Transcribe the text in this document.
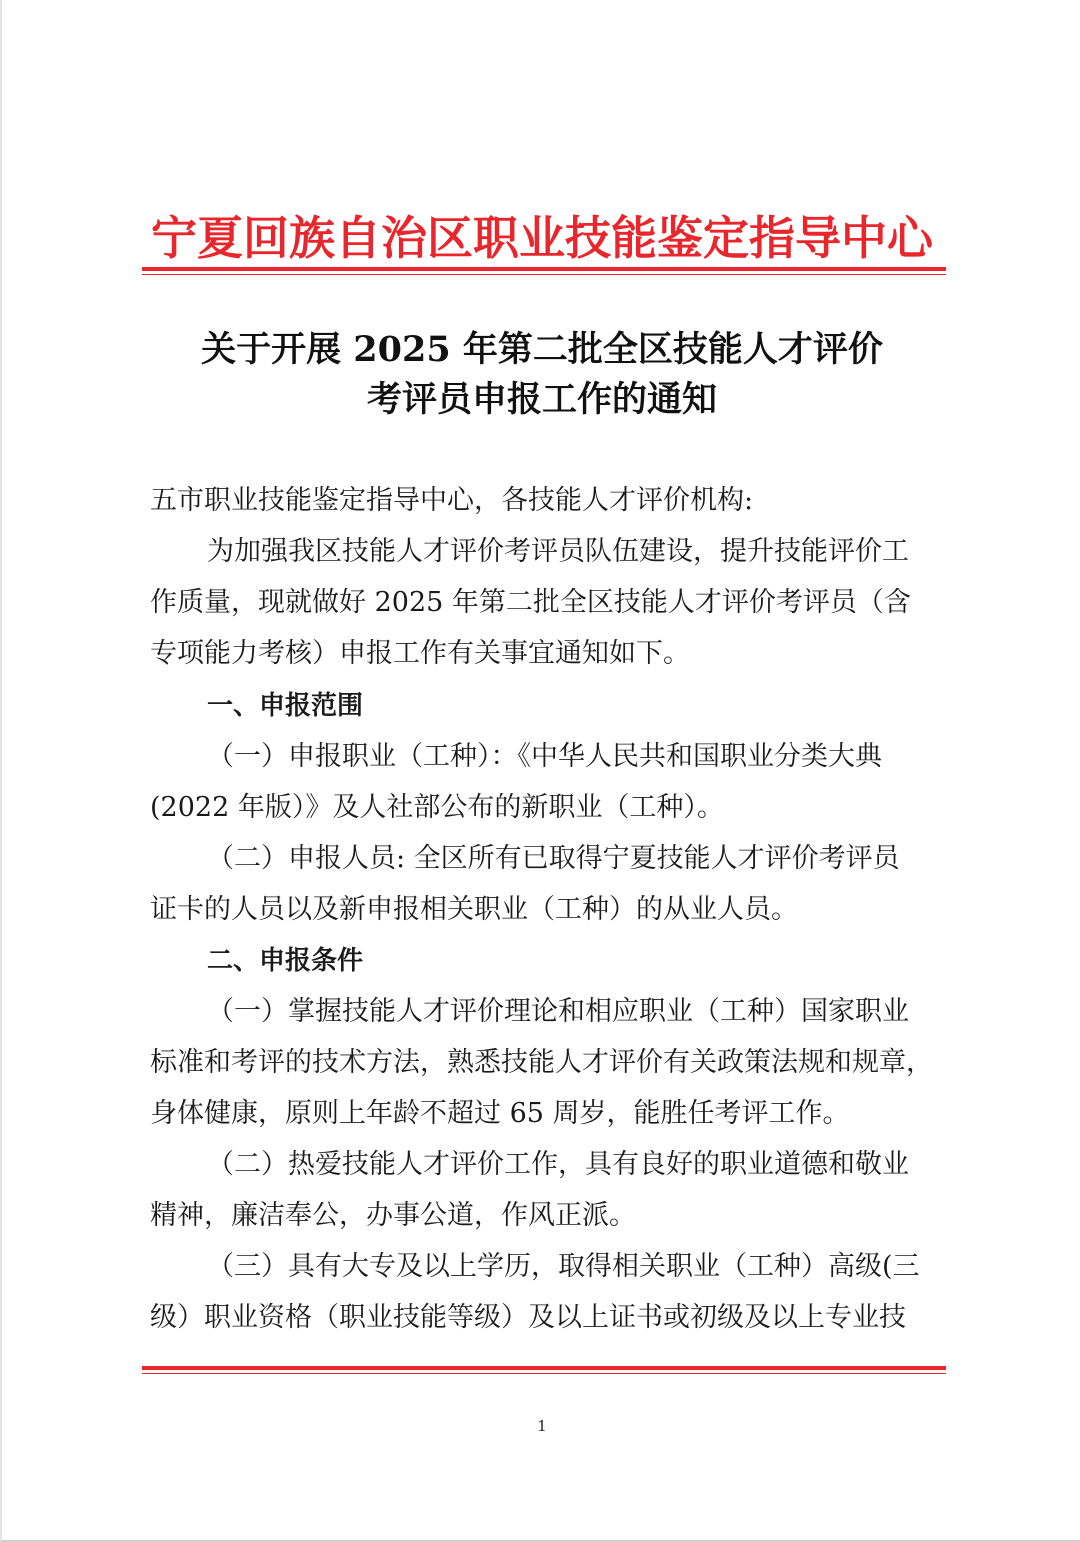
宁夏回族自治区职业技能鉴定指导中心
关于开展 2025 年第二批全区技能人才评价
考评员申报工作的通知
五市职业技能鉴定指导中心，各技能人才评价机构:
为加强我区技能人才评价考评员队伍建设，提升技能评价工
作质量，现就做好 2025 年第二批全区技能人才评价考评员（含
专项能力考核）申报工作有关事宜通知如下。
一、申报范围
（一）申报职业（工种）：《中华人民共和国职业分类大典
(2022 年版）》及人社部公布的新职业（工种）。
（二）申报人员: 全区所有已取得宁夏技能人才评价考评员
证卡的人员以及新申报相关职业（工种）的从业人员。
二、申报条件
（一）掌握技能人才评价理论和相应职业（工种）国家职业
标准和考评的技术方法，熟悉技能人才评价有关政策法规和规章，
身体健康，原则上年龄不超过 65 周岁，能胜任考评工作。
（二）热爱技能人才评价工作，具有良好的职业道德和敬业
精神，廉洁奉公，办事公道，作风正派。
（三）具有大专及以上学历，取得相关职业（工种）高级(三
级）职业资格（职业技能等级）及以上证书或初级及以上专业技
1
